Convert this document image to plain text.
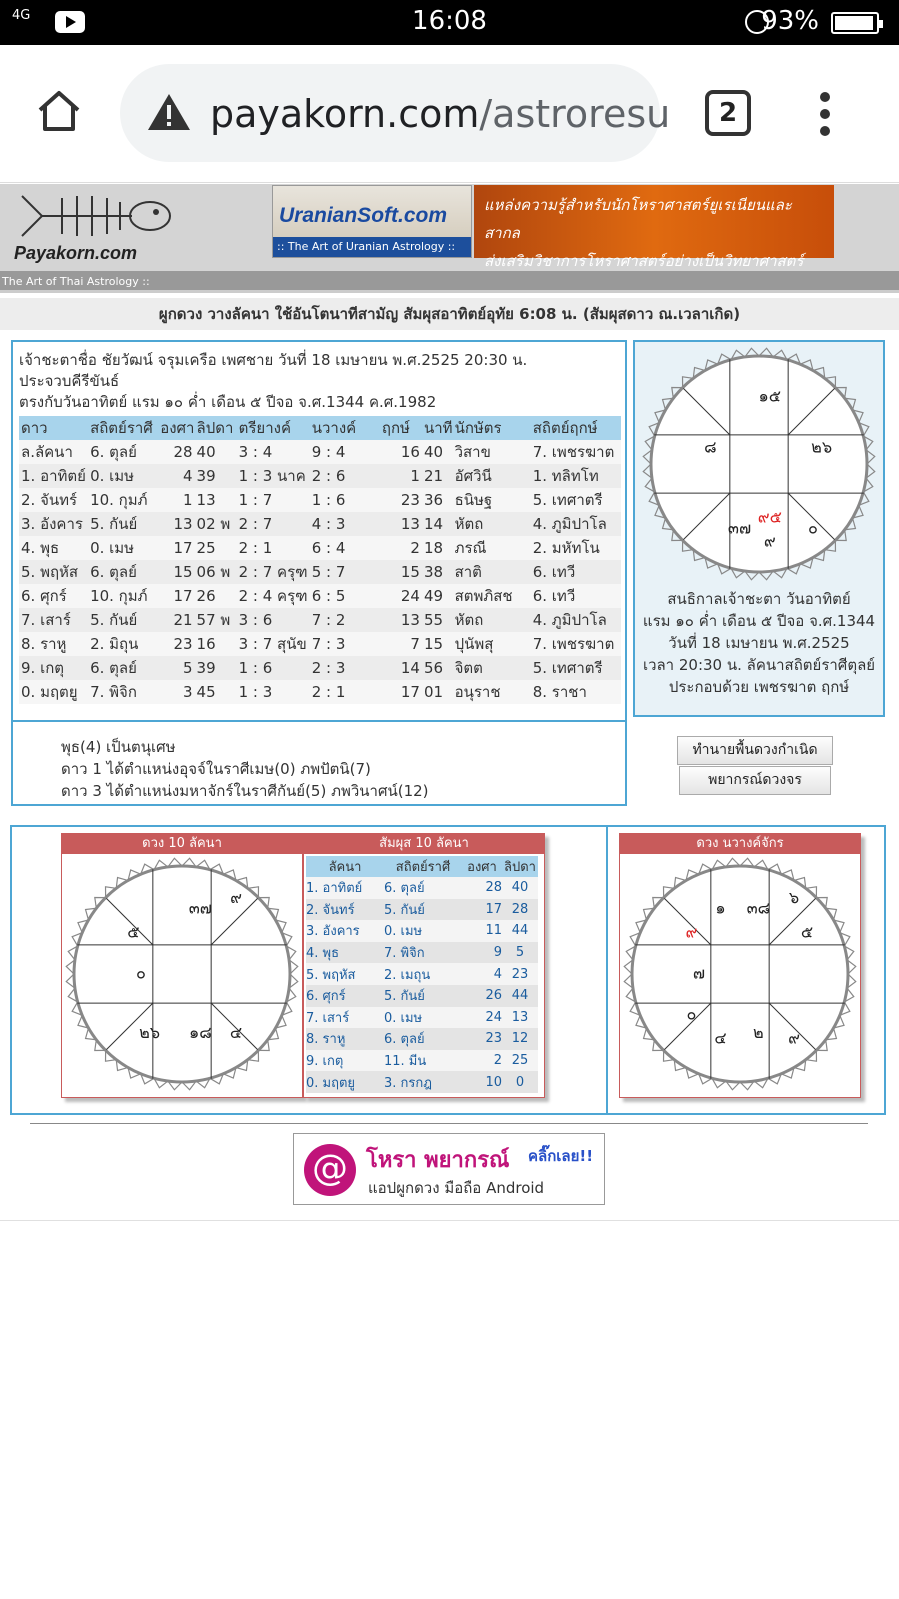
4G	16:08	93%
payakorn.com/astroresu	2
Payakorn.com
UranianSoft.com
:: The Art of Uranian Astrology ::
แหล่งความรู้สำหรับนักโหราศาสตร์ยูเรเนียนและสากล
ส่งเสริมวิชาการโหราศาสตร์อย่างเป็นวิทยาศาสตร์
The Art of Thai Astrology ::
ผูกดวง วางลัคนา ใช้อันโตนาทีสามัญ สัมผุสอาทิตย์อุทัย 6:08 น. (สัมผุสดาว ณ.เวลาเกิด)
เจ้าชะตาชื่อ ชัยวัฒน์ จรุมเครือ เพศชาย วันที่ 18 เมษายน พ.ศ.2525 20:30 น.
ประจวบคีรีขันธ์
ตรงกับวันอาทิตย์ แรม ๑๐ ค่ำ เดือน ๕ ปีจอ จ.ศ.1344 ค.ศ.1982
ดาว	สถิตย์ราศี	องศา	ลิปดา	ตรียางค์	นวางค์	ฤกษ์	นาที	นักษัตร	สถิตย์ฤกษ์
ล.ลัคนา	6. ตุลย์	28	40	3 : 4	9 : 4	16	40	วิสาข	7. เพชรฆาต
1. อาทิตย์	0. เมษ	4	39	1 : 3 นาค	2 : 6	1	21	อัศวินี	1. ทลิทโท
2. จันทร์	10. กุมภ์	1	13	1 : 7	1 : 6	23	36	ธนิษฐ	5. เทศาตรี
3. อังคาร	5. กันย์	13	02 พ	2 : 7	4 : 3	13	14	หัตถ	4. ภูมิปาโล
4. พุธ	0. เมษ	17	25	2 : 1	6 : 4	2	18	ภรณี	2. มหัทโน
5. พฤหัส	6. ตุลย์	15	06 พ	2 : 7 ครุฑ	5 : 7	15	38	สาติ	6. เทวี
6. ศุกร์	10. กุมภ์	17	26	2 : 4 ครุฑ	6 : 5	24	49	สตพภิสช	6. เทวี
7. เสาร์	5. กันย์	21	57 พ	3 : 6	7 : 2	13	55	หัตถ	4. ภูมิปาโล
8. ราหู	2. มิถุน	23	16	3 : 7 สุนัข	7 : 3	7	15	ปุนัพสุ	7. เพชรฆาต
9. เกตุ	6. ตุลย์	5	39	1 : 6	2 : 3	14	56	จิตต	5. เทศาตรี
0. มฤตยู	7. พิจิก	3	45	1 : 3	2 : 1	17	01	อนุราช	8. ราชา
พุธ(4) เป็นตนุเศษ
ดาว 1 ได้ตำแหน่งอุจจ์ในราศีเมษ(0) ภพปัตนิ(7)
ดาว 3 ได้ตำแหน่งมหาจักร์ในราศีกันย์(5) ภพวินาศน์(12)
๘
๑๕
๒๖
๓๗
๙๕
๙
๐
สนธิกาลเจ้าชะตา วันอาทิตย์
แรม ๑๐ ค่ำ เดือน ๕ ปีจอ จ.ศ.1344
วันที่ 18 เมษายน พ.ศ.2525
เวลา 20:30 น. ลัคนาสถิตย์ราศีตุลย์
ประกอบด้วย เพชรฆาต ฤกษ์
ทำนายพื้นดวงกำเนิด
พยากรณ์ดวงจร
ดวง 10 ลัคนา
๓๗
๙
๕
๐
๒๖ ๑๘ ๔
สัมผุส 10 ลัคนา
ลัคนา	สถิตย์ราศี	องศา	ลิปดา
1. อาทิตย์	6. ตุลย์	28	40
2. จันทร์	5. กันย์	17	28
3. อังคาร	0. เมษ	11	44
4. พุธ	7. พิจิก	9	5
5. พฤหัส	2. เมถุน	4	23
6. ศุกร์	5. กันย์	26	44
7. เสาร์	0. เมษ	24	13
8. ราหู	6. ตุลย์	23	12
9. เกตุ	11. มีน	2	25
0. มฤตยู	3. กรกฎ	10	0
ดวง นวางค์จักร
๑ ๓๘
๖
๙	๕
๗
๐
๔ ๒ ๙
@ โหรา พยากรณ์ คลิ๊กเลย!!
แอปผูกดวง มือถือ Android
